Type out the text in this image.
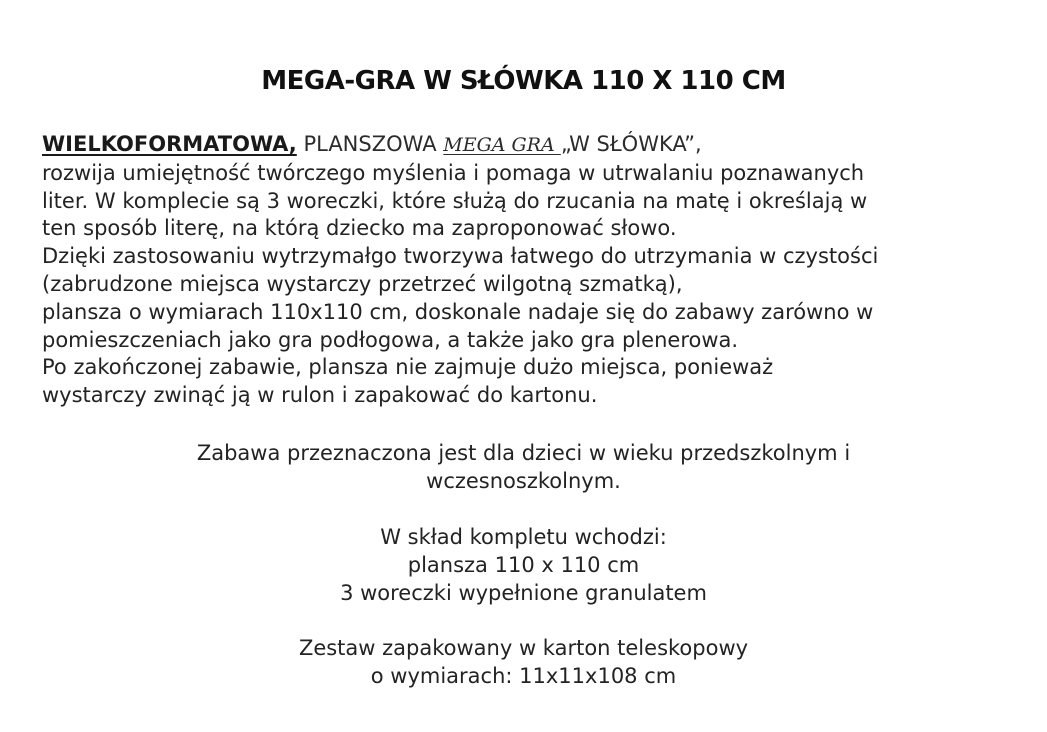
MEGA-GRA W SŁÓWKA 110 X 110 CM

WIELKOFORMATOWA, PLANSZOWA MEGA GRA „W SŁÓWKA”,

rozwija umiejętność twórczego myślenia i pomaga w utrwalaniu poznawanych

liter. W komplecie są 3 woreczki, które służą do rzucania na matę i określają w

ten sposób literę, na którą dziecko ma zaproponować słowo.

Dzięki zastosowaniu wytrzymałgo tworzywa łatwego do utrzymania w czystości

(zabrudzone miejsca wystarczy przetrzeć wilgotną szmatką),

plansza o wymiarach 110x110 cm, doskonale nadaje się do zabawy zarówno w

pomieszczeniach jako gra podłogowa, a także jako gra plenerowa.

Po zakończonej zabawie, plansza nie zajmuje dużo miejsca, ponieważ

wystarczy zwinąć ją w rulon i zapakować do kartonu.

Zabawa przeznaczona jest dla dzieci w wieku przedszkolnym i

wczesnoszkolnym.

W skład kompletu wchodzi:

plansza 110 x 110 cm

3 woreczki wypełnione granulatem

Zestaw zapakowany w karton teleskopowy

o wymiarach: 11x11x108 cm
